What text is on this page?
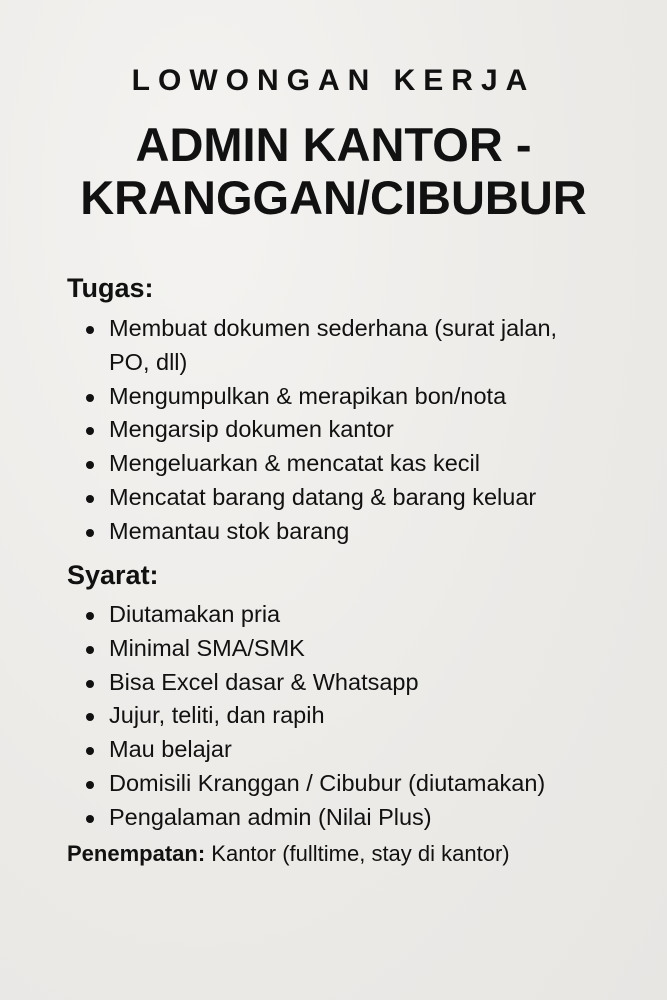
LOWONGAN KERJA
ADMIN KANTOR -
KRANGGAN/CIBUBUR
Tugas:
Membuat dokumen sederhana (surat jalan, PO, dll)
Mengumpulkan & merapikan bon/nota
Mengarsip dokumen kantor
Mengeluarkan & mencatat kas kecil
Mencatat barang datang & barang keluar
Memantau stok barang
Syarat:
Diutamakan pria
Minimal SMA/SMK
Bisa Excel dasar & Whatsapp
Jujur, teliti, dan rapih
Mau belajar
Domisili Kranggan / Cibubur (diutamakan)
Pengalaman admin (Nilai Plus)
Penempatan: Kantor (fulltime, stay di kantor)
